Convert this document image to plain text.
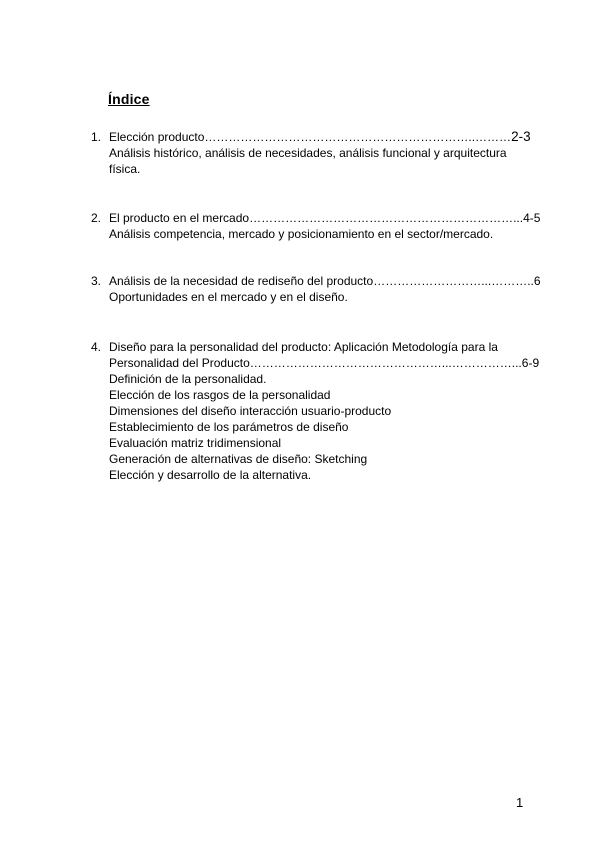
Índice
1. Elección producto…………………………………………………………..………2-3
Análisis histórico, análisis de necesidades, análisis funcional y arquitectura física.
2. El producto en el mercado…………………………………………………………...4-5
Análisis competencia, mercado y posicionamiento en el sector/mercado.
3. Análisis de la necesidad de rediseño del producto………………………...………..6
Oportunidades en el mercado y en el diseño.
4. Diseño para la personalidad del producto: Aplicación Metodología para la
Personalidad del Producto…………………………………………...……………...6-9
Definición de la personalidad.
Elección de los rasgos de la personalidad
Dimensiones del diseño interacción usuario-producto
Establecimiento de los parámetros de diseño
Evaluación matriz tridimensional
Generación de alternativas de diseño: Sketching
Elección y desarrollo de la alternativa.
1
